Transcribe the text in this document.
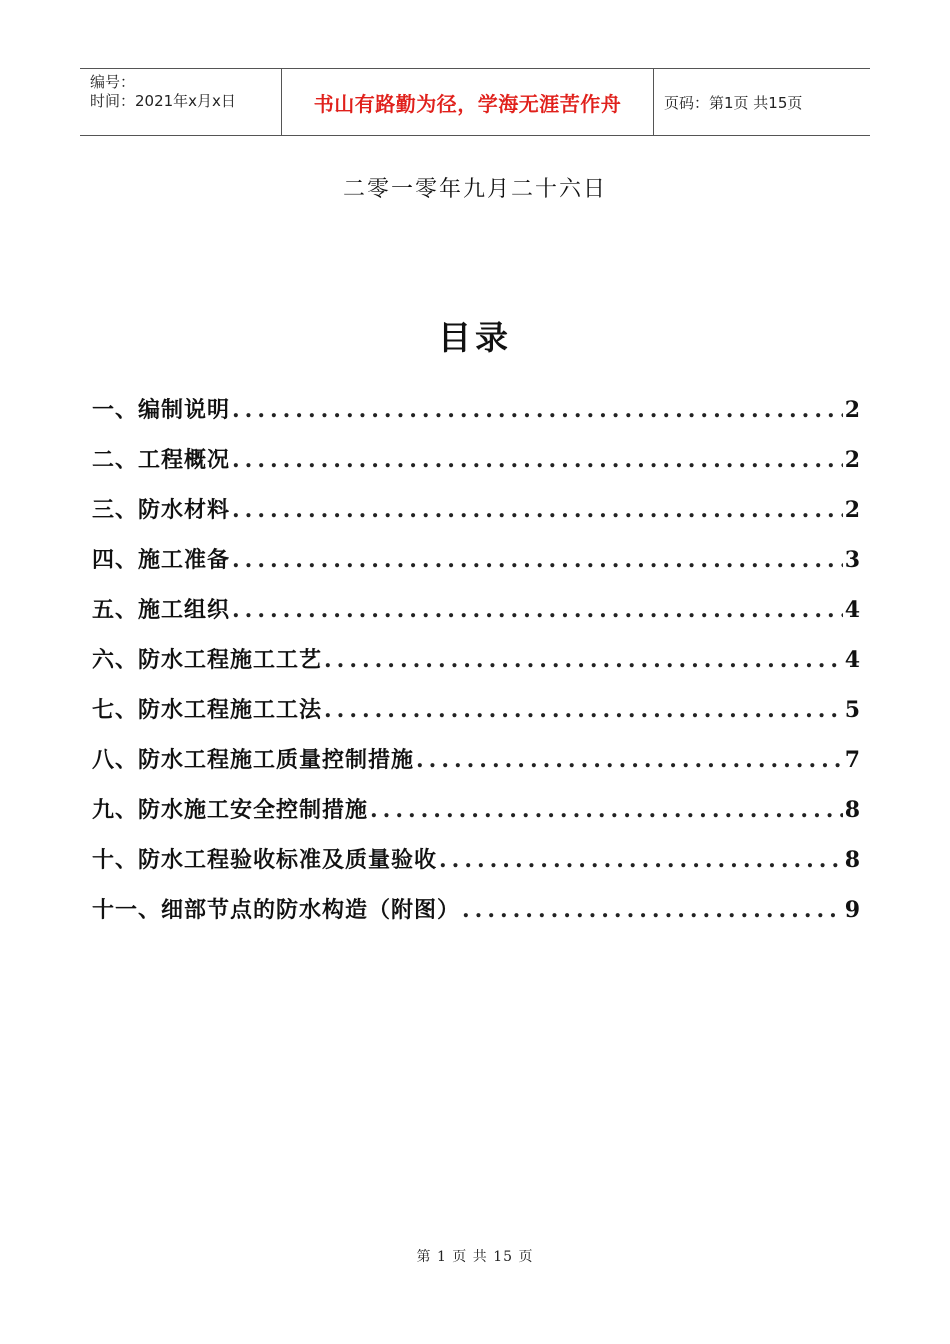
编号：
时间：2021年x月x日	书山有路勤为径，学海无涯苦作舟	页码：第1页 共15页
二零一零年九月二十六日
目录
一、编制说明 .....	2
二、工程概况 .....	2
三、防水材料 .....	2
四、施工准备 .....	3
五、施工组织 .....	4
六、防水工程施工工艺 .....	4
七、防水工程施工工法 .....	5
八、防水工程施工质量控制措施 .....	7
九、防水施工安全控制措施 .....	8
十、防水工程验收标准及质量验收 .....	8
十一、细部节点的防水构造（附图） .....	9
第 1 页 共 15 页
